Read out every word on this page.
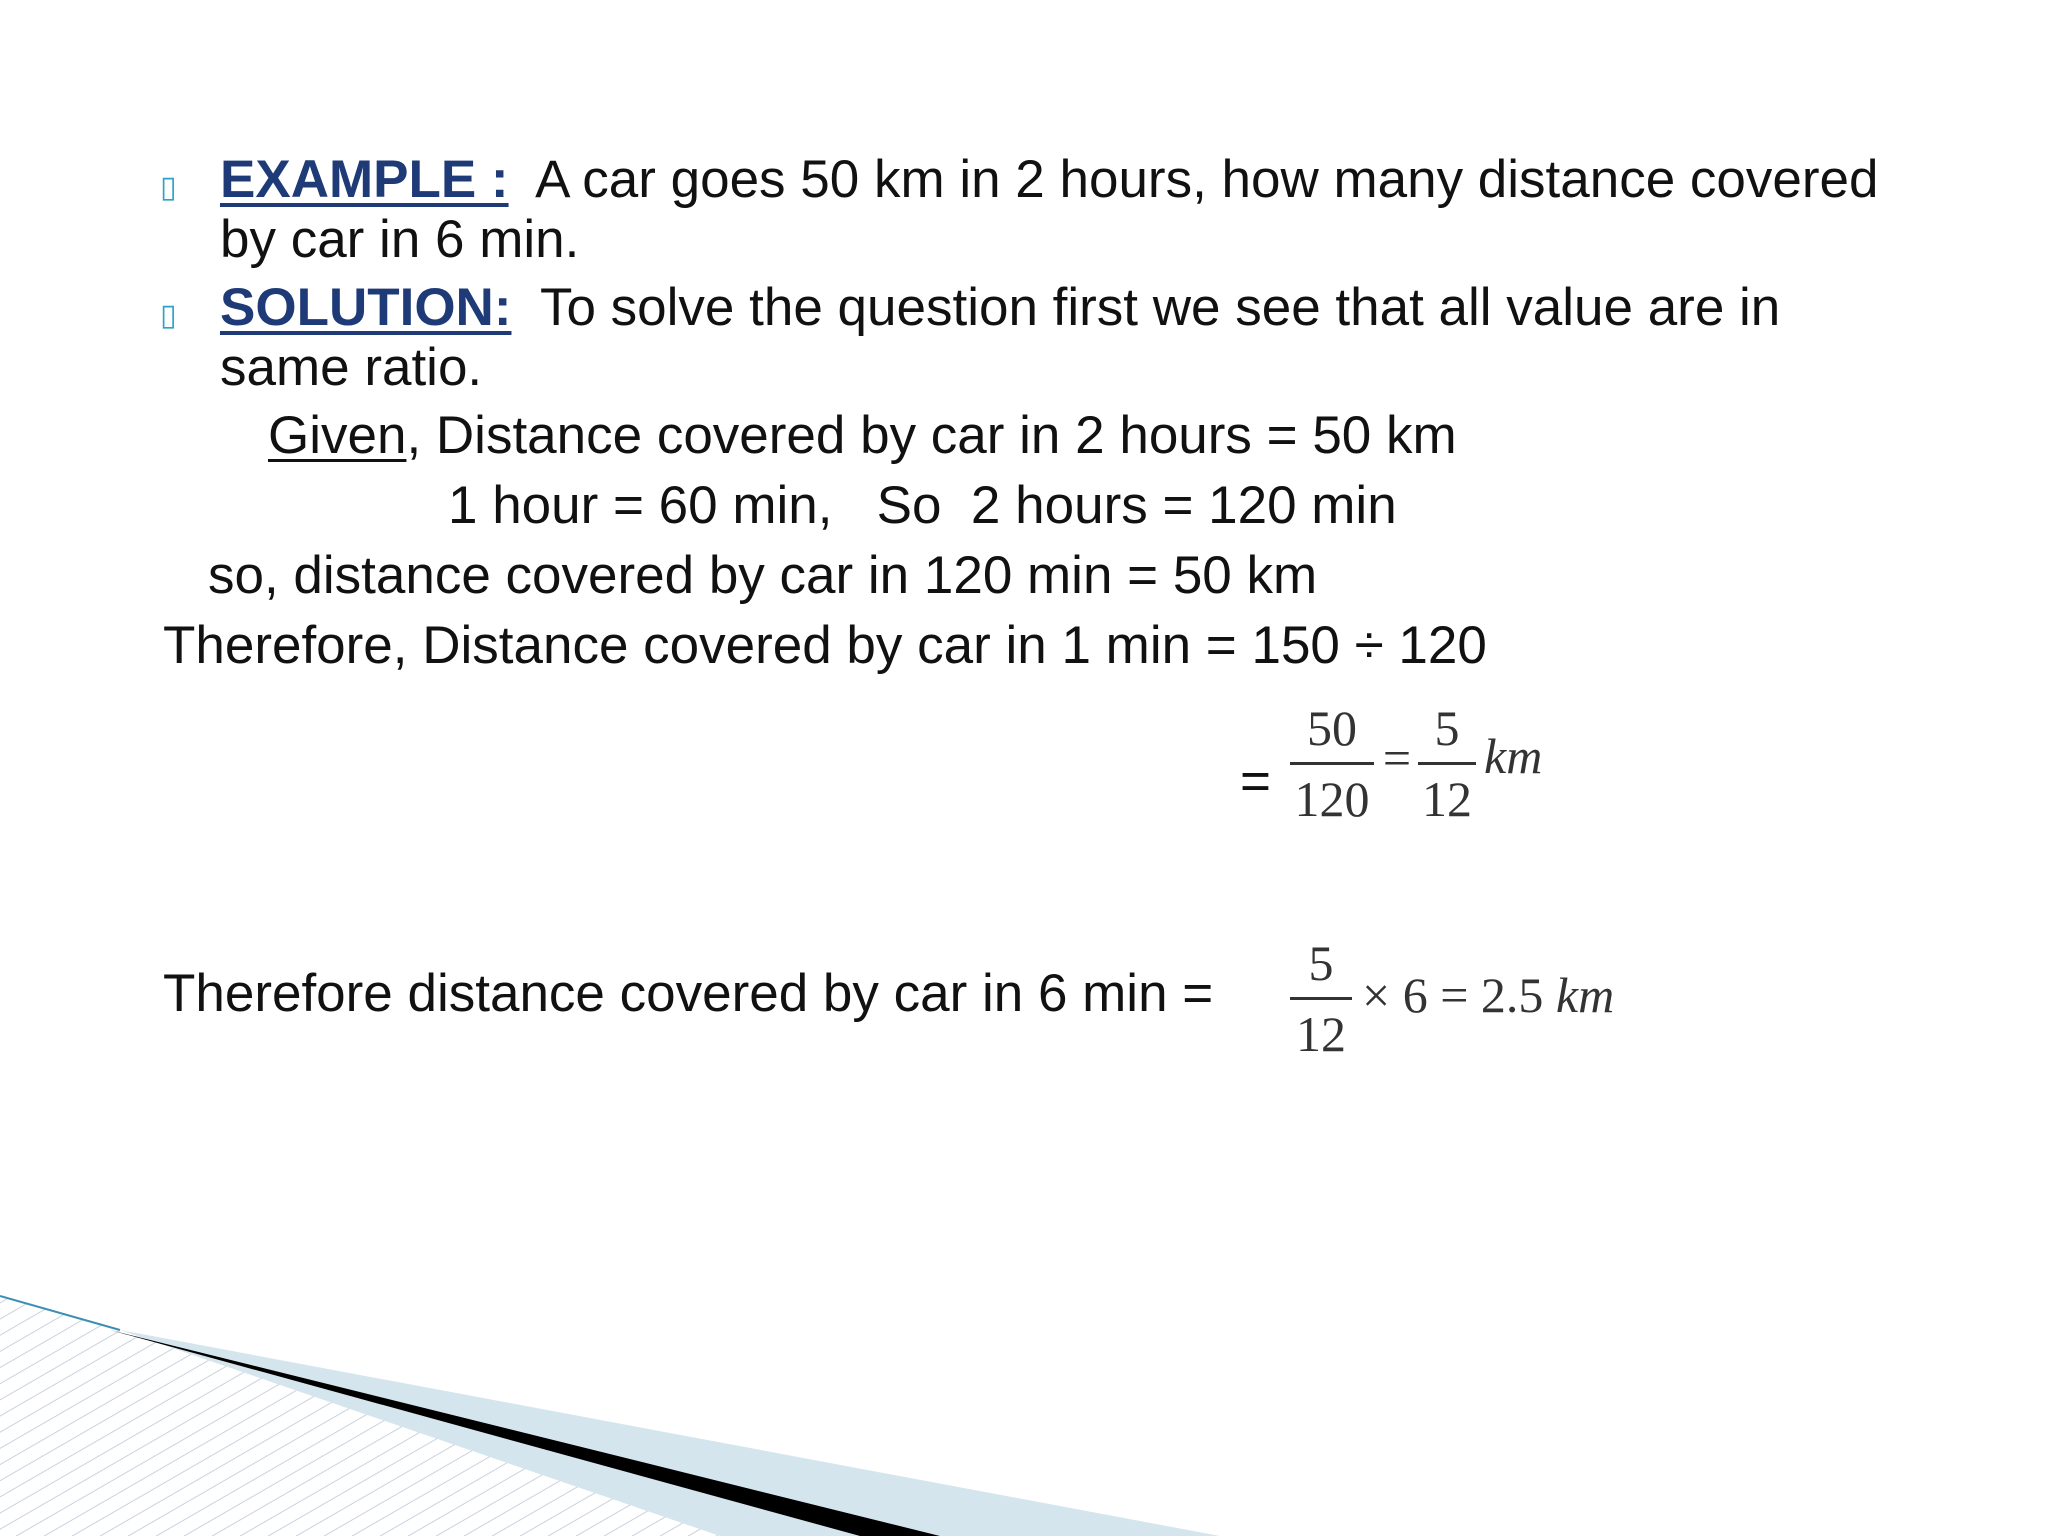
▯ EXAMPLE : A car goes 50 km in 2 hours, how many distance covered
by car in 6 min.
▯ SOLUTION: To solve the question first we see that all value are in
same ratio.
Given, Distance covered by car in 2 hours = 50 km
1 hour = 60 min,   So  2 hours = 120 min
so, distance covered by car in 120 min = 50 km
Therefore, Distance covered by car in 1 min = 150 ÷ 120
=
50
120
=
5
12
km
Therefore distance covered by car in 6 min =
5
12
× 6 = 2.5 km
